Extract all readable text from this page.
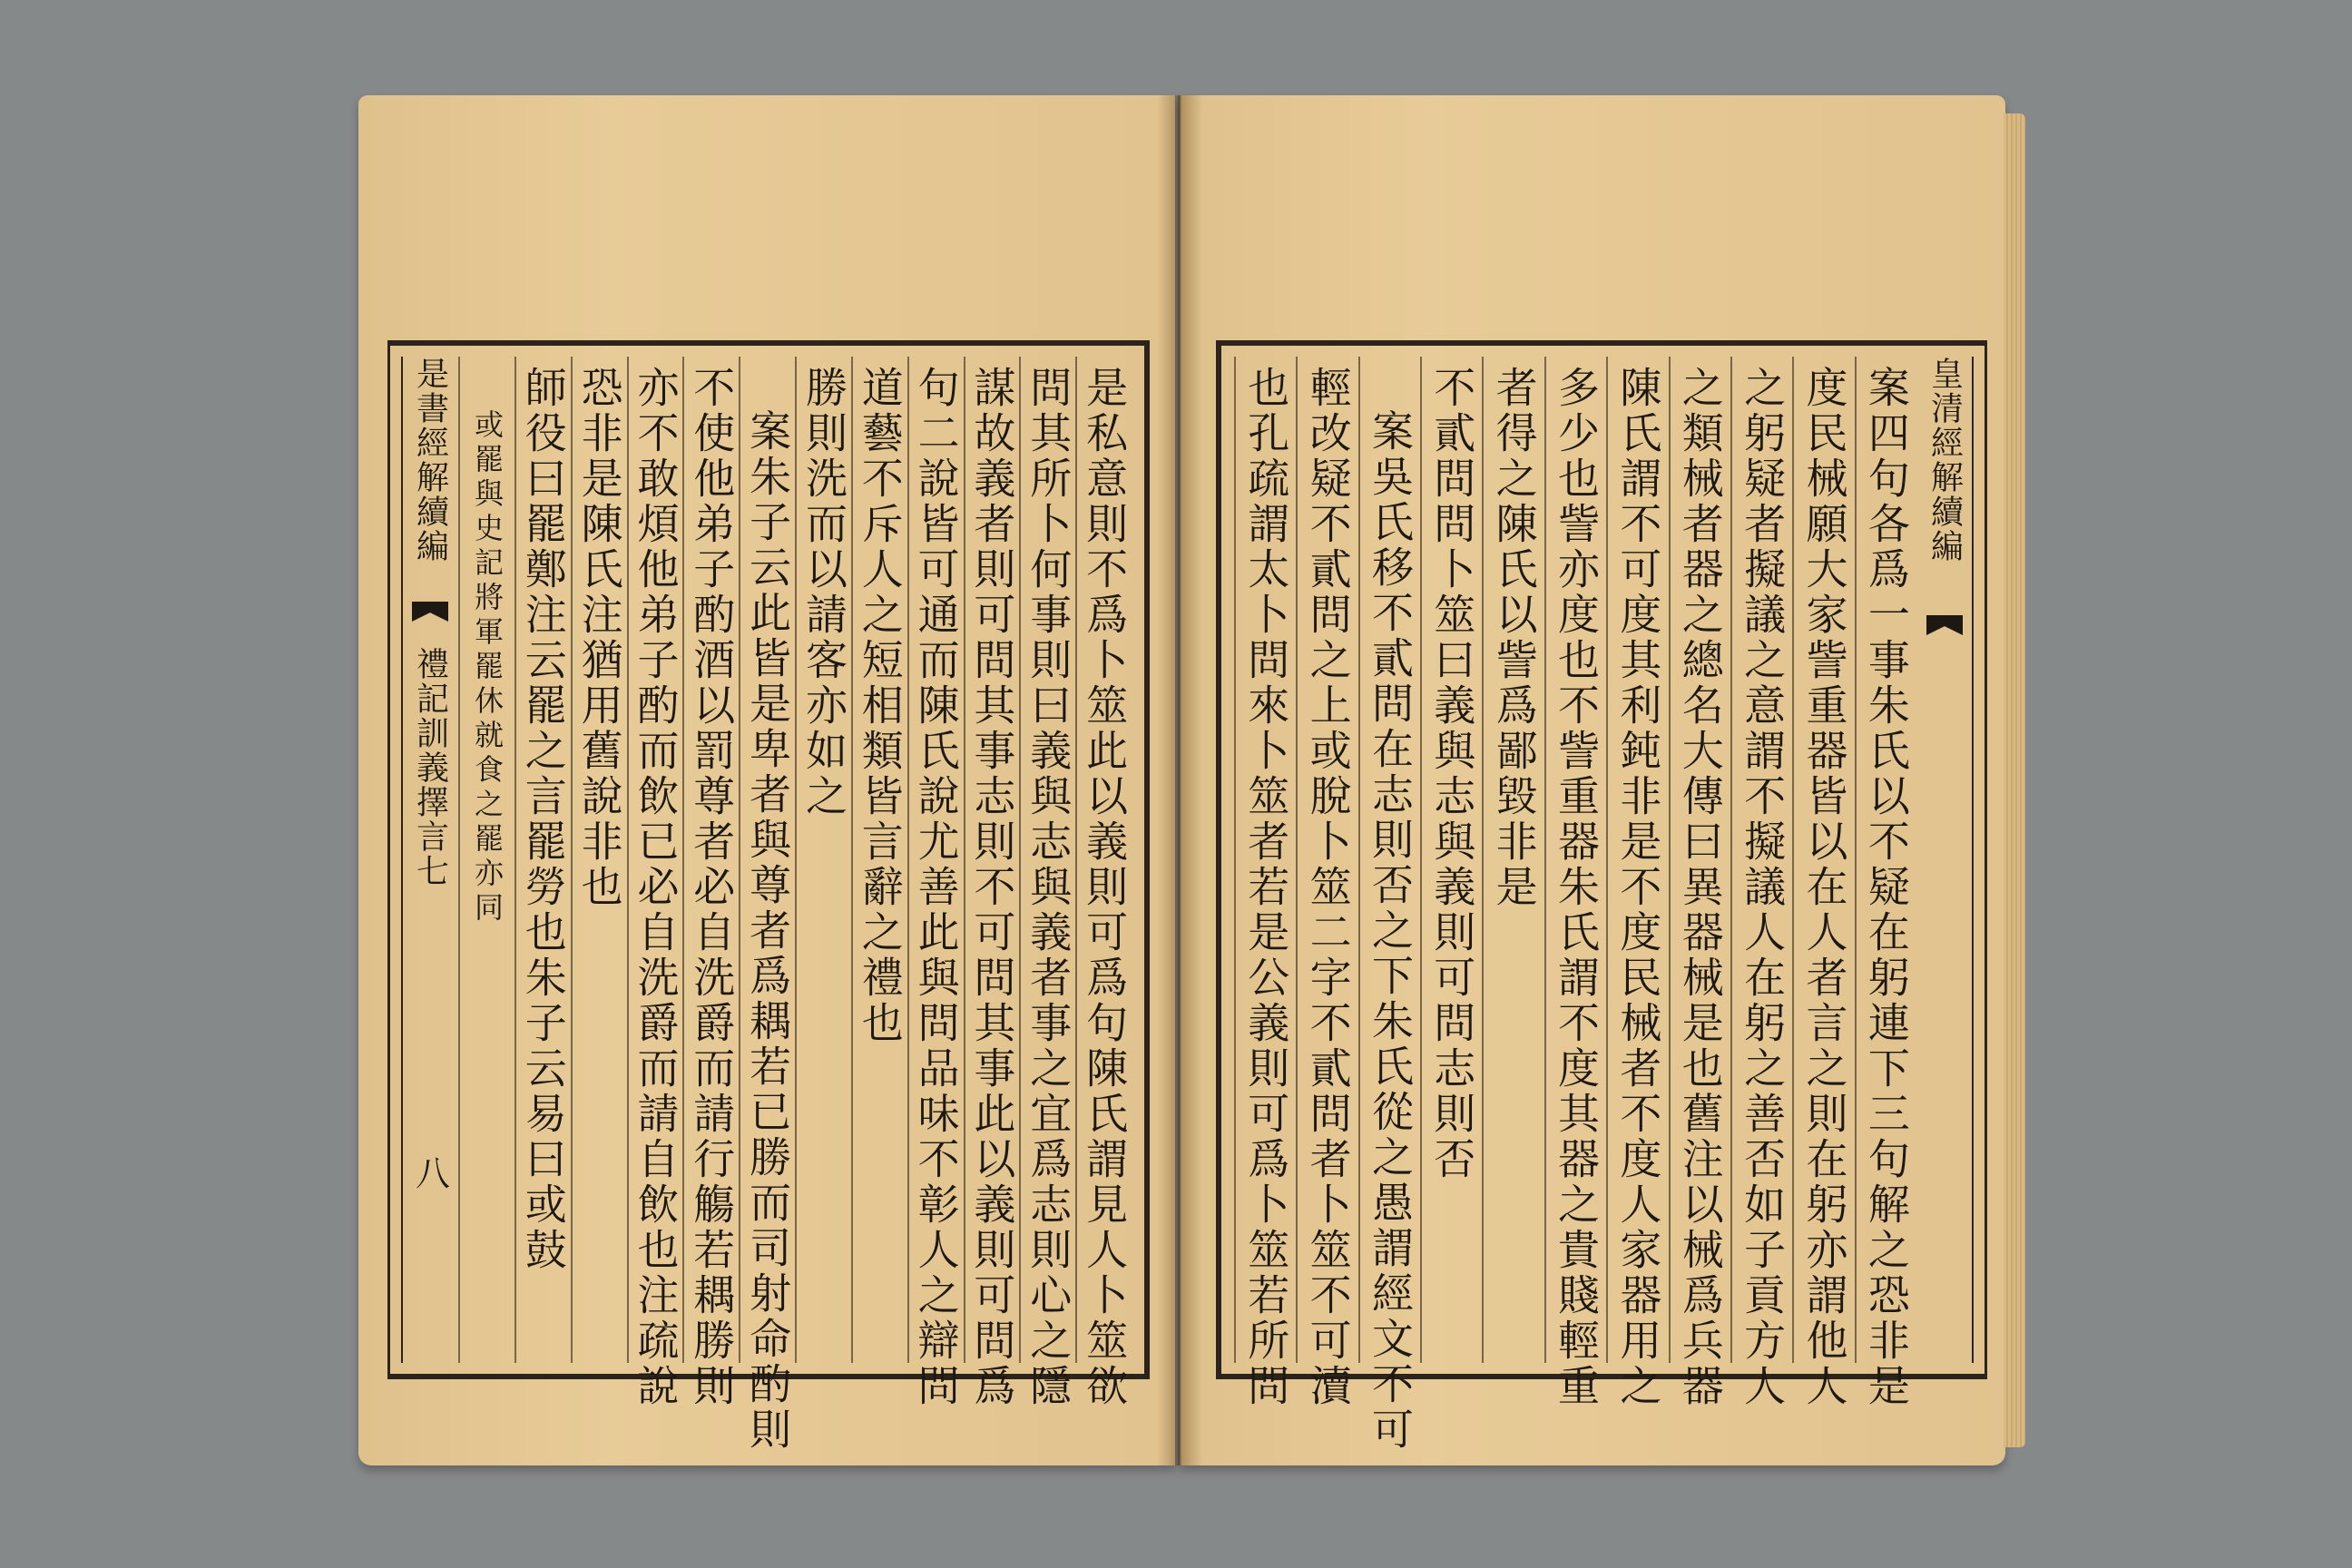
是書經解續編
禮記訓義擇言七
八	是私意則不爲卜筮此以義則可爲句陳氏謂見人卜筮欲
問其所卜何事則曰義與志與義者事之宜爲志則心之隱
謀故義者則可問其事志則不可問其事此以義則可問爲
句二說皆可通而陳氏說尤善此與問品味不彰人之辯問
道藝不斥人之短相類皆言辭之禮也
勝則洗而以請客亦如之
案朱子云此皆是卑者與尊者爲耦若已勝而司射命酌則
不使他弟子酌酒以罰尊者必自洗爵而請行觴若耦勝則
亦不敢煩他弟子酌而飲已必自洗爵而請自飲也注疏說
恐非是陳氏注猶用舊說非也
師役曰罷鄭注云罷之言罷勞也朱子云易曰或鼓
或罷與史記將軍罷休就食之罷亦同	皇清經解續編
案四句各爲一事朱氏以不疑在躬連下三句解之恐非是
度民械願大家訾重器皆以在人者言之則在躬亦謂他人
之躬疑者擬議之意謂不擬議人在躬之善否如子貢方人
之類械者器之總名大傳曰異器械是也舊注以械爲兵器
陳氏謂不可度其利鈍非是不度民械者不度人家器用之
多少也訾亦度也不訾重器朱氏謂不度其器之貴賤輕重
者得之陳氏以訾爲鄙毀非是
不貳問問卜筮曰義與志與義則可問志則否
案吳氏移不貳問在志則否之下朱氏從之愚謂經文不可
輕改疑不貳問之上或脫卜筮二字不貳問者卜筮不可瀆
也孔疏謂太卜問來卜筮者若是公義則可爲卜筮若所問
